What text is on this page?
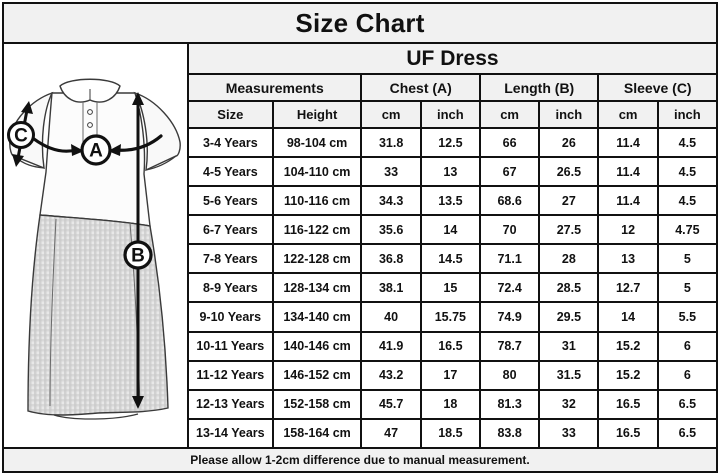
Size Chart
C
A
B
UF Dress							
Measurements		Chest (A)		Length (B)		Sleeve (C)	
Size	Height	cm	inch	cm	inch	cm	inch
3-4 Years	98-104 cm	31.8	12.5	66	26	11.4	4.5
4-5 Years	104-110 cm	33	13	67	26.5	11.4	4.5
5-6 Years	110-116 cm	34.3	13.5	68.6	27	11.4	4.5
6-7 Years	116-122 cm	35.6	14	70	27.5	12	4.75
7-8 Years	122-128 cm	36.8	14.5	71.1	28	13	5
8-9 Years	128-134 cm	38.1	15	72.4	28.5	12.7	5
9-10 Years	134-140 cm	40	15.75	74.9	29.5	14	5.5
10-11 Years	140-146 cm	41.9	16.5	78.7	31	15.2	6
11-12 Years	146-152 cm	43.2	17	80	31.5	15.2	6
12-13 Years	152-158 cm	45.7	18	81.3	32	16.5	6.5
13-14 Years	158-164 cm	47	18.5	83.8	33	16.5	6.5
Please allow 1-2cm difference due to manual measurement.
